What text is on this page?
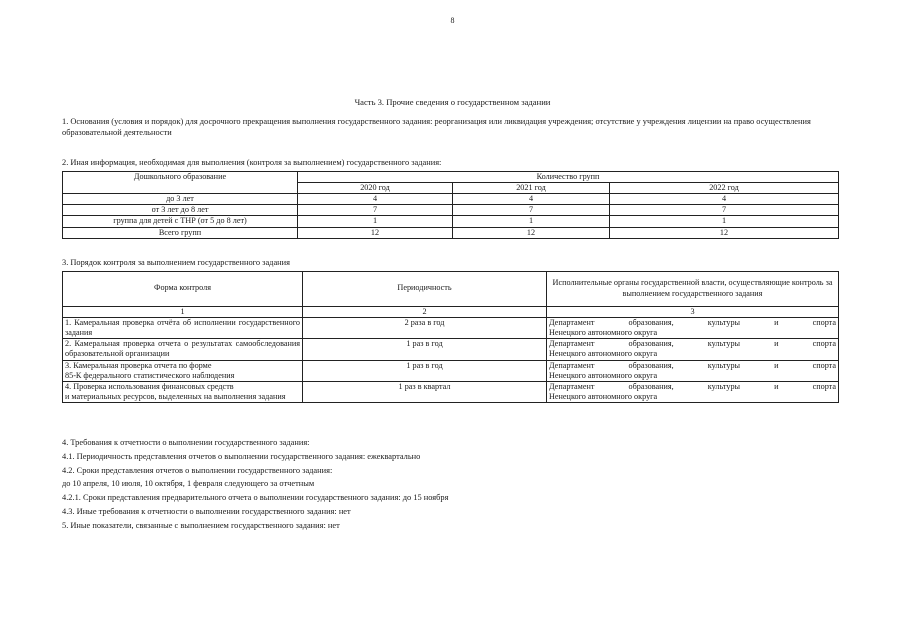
8
Часть 3. Прочие сведения о государственном задании

1. Основания (условия и порядок) для досрочного прекращения выполнения государственного задания: реорганизация или ликвидация учреждения; отсутствие у учреждения лицензии на право осуществления образовательной деятельности

2. Иная информация, необходимая для выполнения (контроля за выполнением) государственного задания:

Дошкольного образование	Количество групп		
	2020 год	2021 год	2022 год
до 3 лет	4	4	4
от 3 лет до 8 лет	7	7	7
группа для детей с ТНР (от 5 до 8 лет)	1	1	1
Всего групп	12	12	12

3. Порядок контроля за выполнением государственного задания

Форма контроля	Периодичность	Исполнительные органы государственной власти, осуществляющие контроль за выполнением государственного задания
1	2	3
1. Камеральная проверка отчёта об исполнении государственного задания	2 раза в год	Департамент образования, культуры и спорта
Ненецкого автономного округа

2. Камеральная проверка отчета о результатах самообследования образовательной организации	1 раз в год	Департамент образования, культуры и спорта
Ненецкого автономного округа

3. Камеральная проверка отчета по форме
85-К федерального статистического наблюдения	1 раз в год	Департамент образования, культуры и спорта
Ненецкого автономного округа

4. Проверка использования финансовых средств
и материальных ресурсов, выделенных на выполнения задания	1 раз в квартал	Департамент образования, культуры и спорта
Ненецкого автономного округа

4. Требования к отчетности о выполнении государственного задания:

4.1. Периодичность представления отчетов о выполнении государственного задания: ежеквартально

4.2. Сроки представления отчетов о выполнении государственного задания:

до 10 апреля, 10 июля, 10 октября, 1 февраля следующего за отчетным

4.2.1. Сроки представления предварительного отчета о выполнении государственного задания: до 15 ноября

4.3. Иные требования к отчетности о выполнении государственного задания: нет

5. Иные показатели, связанные с выполнением государственного задания: нет
